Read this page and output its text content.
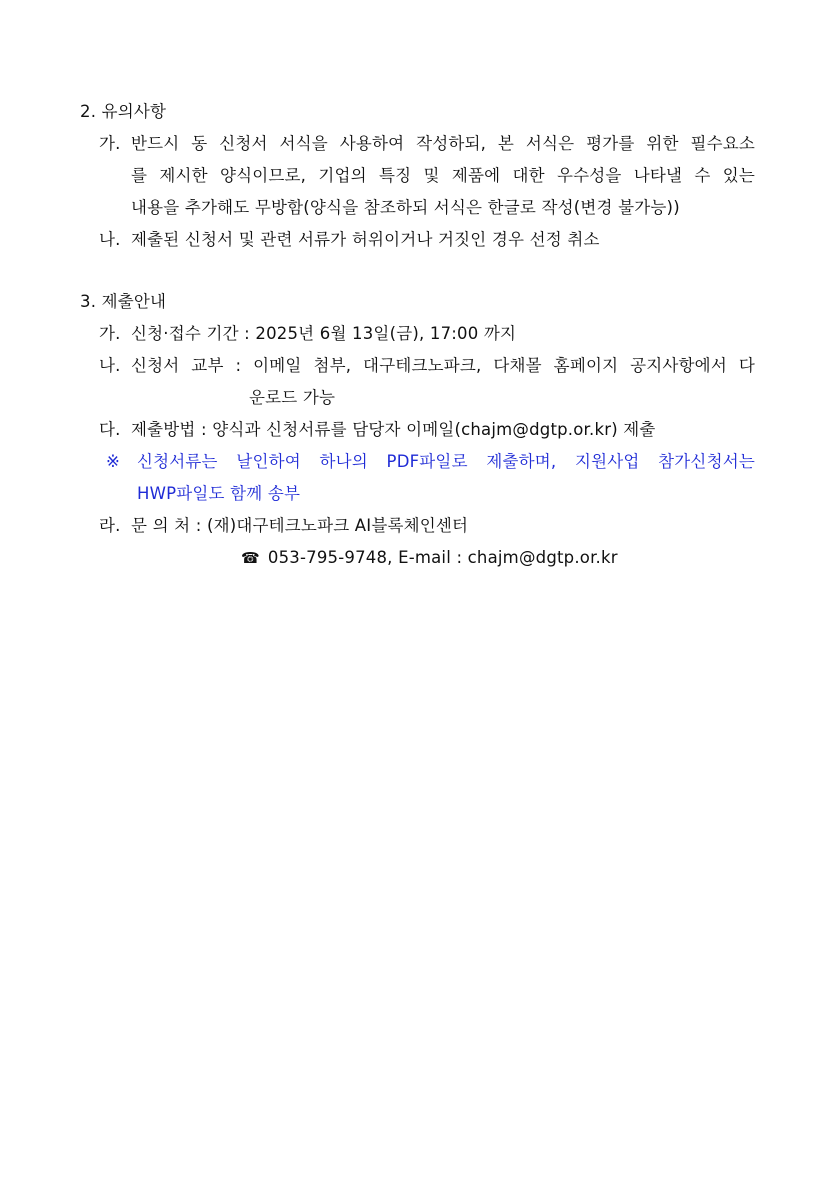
2. 유의사항
가. 반드시 동 신청서 서식을 사용하여 작성하되, 본 서식은 평가를 위한 필수요소
를 제시한 양식이므로, 기업의 특징 및 제품에 대한 우수성을 나타낼 수 있는
내용을 추가해도 무방함(양식을 참조하되 서식은 한글로 작성(변경 불가능))
나. 제출된 신청서 및 관련 서류가 허위이거나 거짓인 경우 선정 취소
3. 제출안내
가. 신청·접수 기간 : 2025년 6월 13일(금), 17:00 까지
나. 신청서 교부 : 이메일 첨부, 대구테크노파크, 다채몰 홈페이지 공지사항에서 다
운로드 가능
다. 제출방법 : 양식과 신청서류를 담당자 이메일(chajm@dgtp.or.kr) 제출
※ 신청서류는 날인하여 하나의 PDF파일로 제출하며, 지원사업 참가신청서는
HWP파일도 함께 송부
라. 문 의 처 : (재)대구테크노파크 AI블록체인센터
☎ 053-795-9748, E-mail : chajm@dgtp.or.kr
